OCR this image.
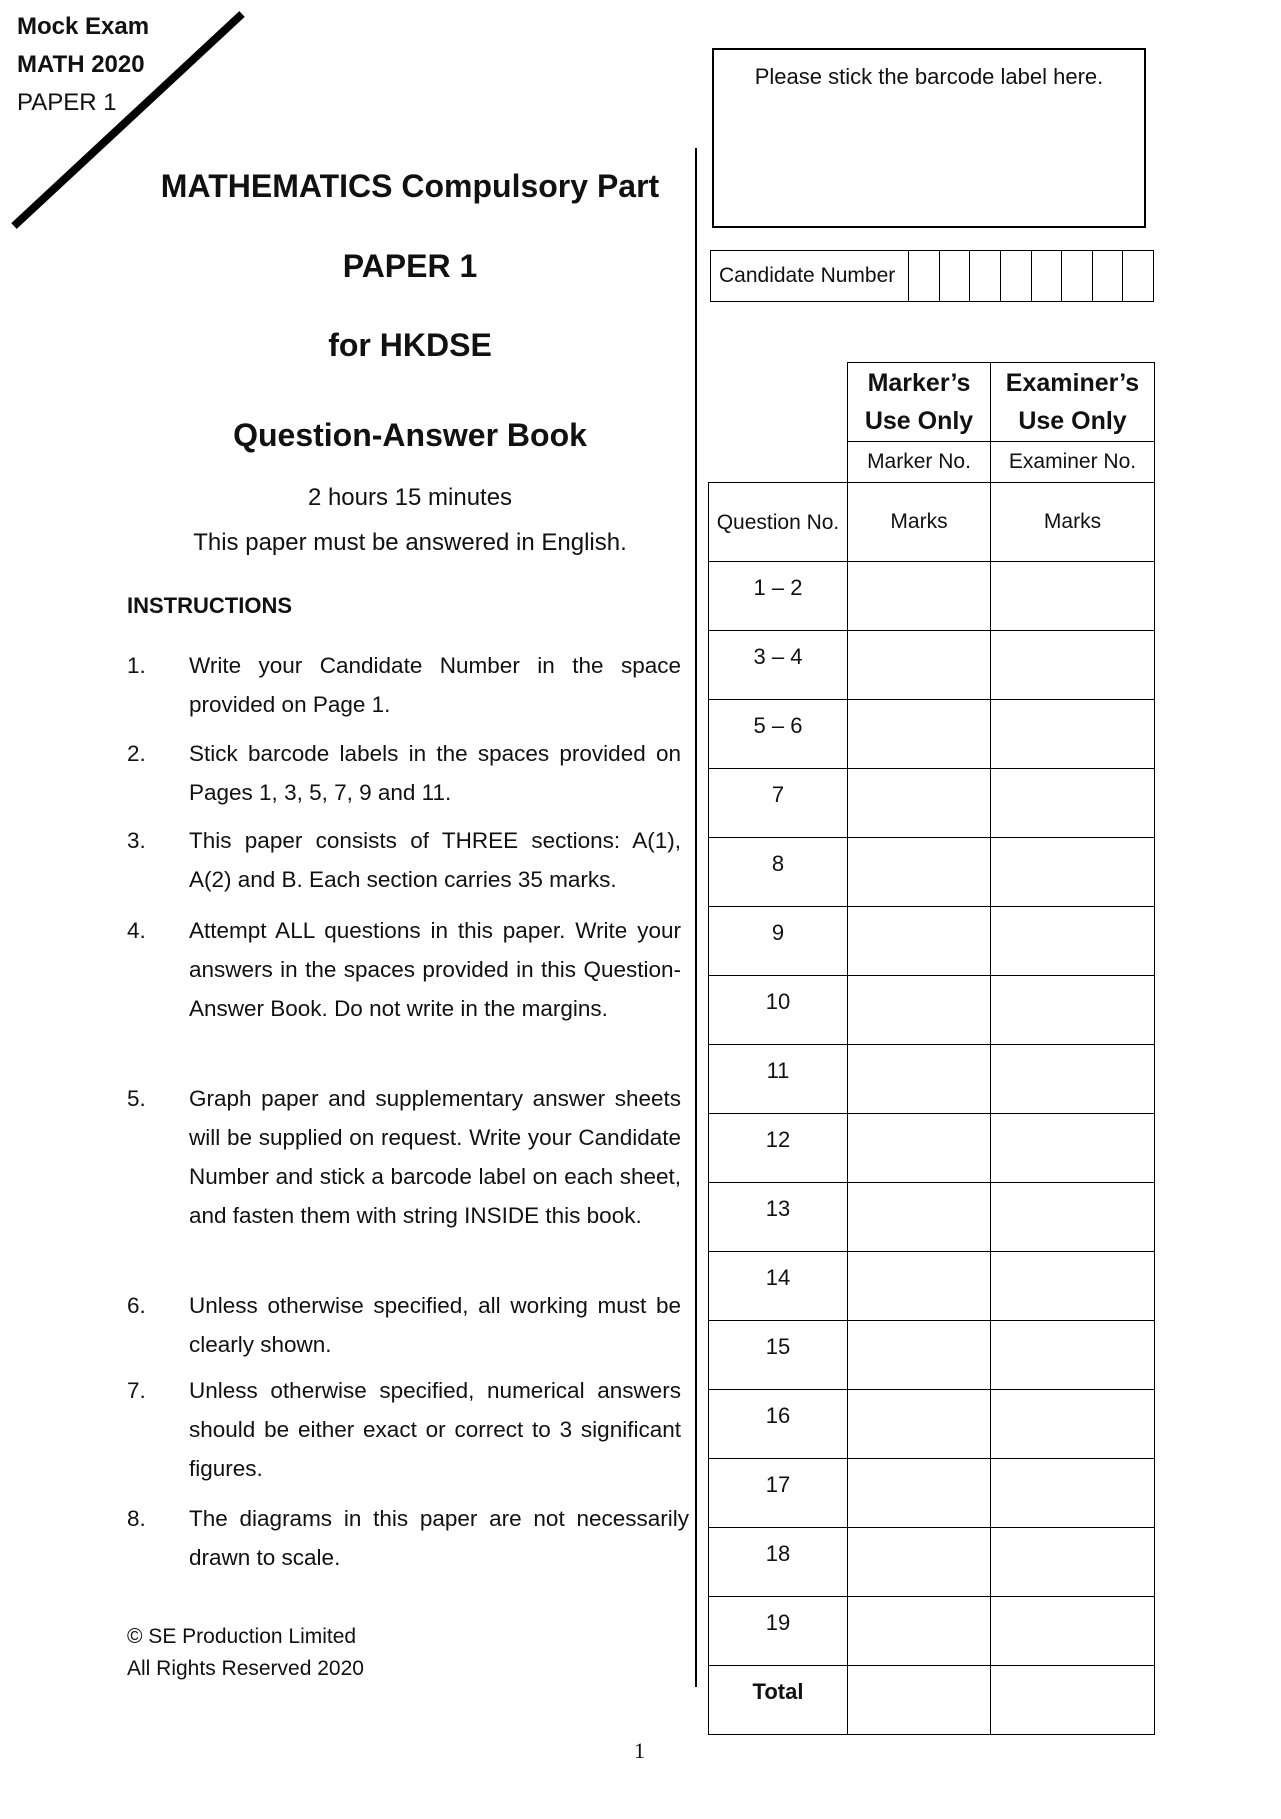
Mock Exam
MATH 2020
PAPER 1
MATHEMATICS Compulsory Part
PAPER 1
for HKDSE
Question-Answer Book
2 hours 15 minutes
This paper must be answered in English.
INSTRUCTIONS
1. Write your Candidate Number in the space provided on Page 1.
2. Stick barcode labels in the spaces provided on Pages 1, 3, 5, 7, 9 and 11.
3. This paper consists of THREE sections: A(1), A(2) and B. Each section carries 35 marks.
4. Attempt ALL questions in this paper. Write your answers in the spaces provided in this Question- Answer Book. Do not write in the margins.
5. Graph paper and supplementary answer sheets will be supplied on request. Write your Candidate Number and stick a barcode label on each sheet, and fasten them with string INSIDE this book.
6. Unless otherwise specified, all working must be clearly shown.
7. Unless otherwise specified, numerical answers should be either exact or correct to 3 significant figures.
8. The diagrams in this paper are not necessarily drawn to scale.
© SE Production Limited
All Rights Reserved 2020
Please stick the barcode label here.
Candidate Number
	Marker’s Use Only	Examiner’s Use Only
	Marker No.	Examiner No.
Question No.	Marks	Marks
1 – 2		
3 – 4		
5 – 6		
7		
8		
9		
10		
11		
12		
13		
14		
15		
16		
17		
18		
19		
Total		
1
